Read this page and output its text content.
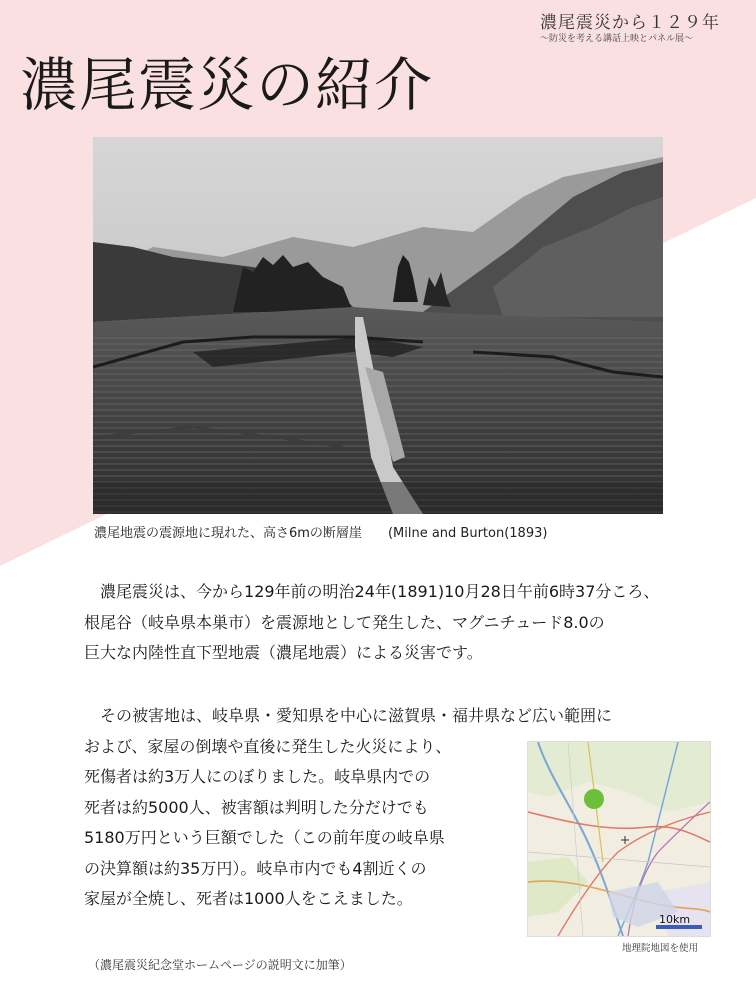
濃尾震災から１２９年
〜防災を考える講話上映とパネル展〜
濃尾震災の紹介
濃尾地震の震源地に現れた、高さ6mの断層崖 (Milne and Burton(1893)

　濃尾震災は、今から129年前の明治24年(1891)10月28日午前6時37分ころ、

根尾谷（岐阜県本巣市）を震源地として発生した、マグニチュード8.0の

巨大な内陸性直下型地震（濃尾地震）による災害です。

　その被害地は、岐阜県・愛知県を中心に滋賀県・福井県など広い範囲に

および、家屋の倒壊や直後に発生した火災により、

死傷者は約3万人にのぼりました。岐阜県内での

死者は約5000人、被害額は判明した分だけでも

5180万円という巨額でした（この前年度の岐阜県

の決算額は約35万円）。岐阜市内でも4割近くの

家屋が全焼し、死者は1000人をこえました。

10km
地理院地図を使用
（濃尾震災紀念堂ホームページの説明文に加筆）
